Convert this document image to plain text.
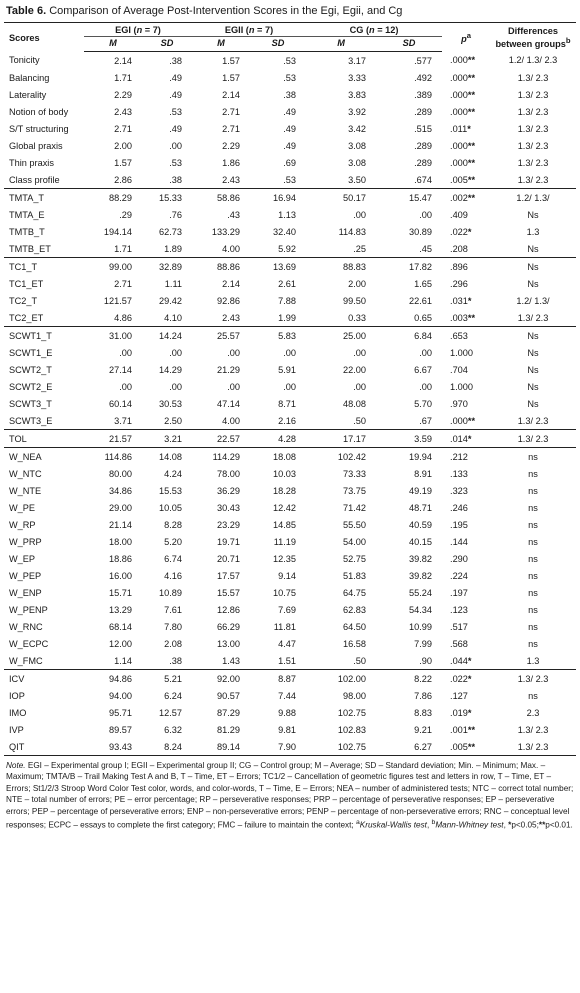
Table 6. Comparison of Average Post-Intervention Scores in the Egi, Egii, and Cg
Scores	EGI (n = 7)		EGII (n = 7)		CG (n = 12)		$p^a$	Differences between groups$^b$
	M	SD	M	SD	M	SD		
Tonicity	2.14	.38	1.57	.53	3.17	.577	.000**	1.2/ 1.3/ 2.3
Balancing	1.71	.49	1.57	.53	3.33	.492	.000**	1.3/ 2.3
Laterality	2.29	.49	2.14	.38	3.83	.389	.000**	1.3/ 2.3
Notion of body	2.43	.53	2.71	.49	3.92	.289	.000**	1.3/ 2.3
S/T structuring	2.71	.49	2.71	.49	3.42	.515	.011*	1.3/ 2.3
Global praxis	2.00	.00	2.29	.49	3.08	.289	.000**	1.3/ 2.3
Thin praxis	1.57	.53	1.86	.69	3.08	.289	.000**	1.3/ 2.3
Class profile	2.86	.38	2.43	.53	3.50	.674	.005**	1.3/ 2.3
TMTA_T	88.29	15.33	58.86	16.94	50.17	15.47	.002**	1.2/ 1.3/
TMTA_E	.29	.76	.43	1.13	.00	.00	.409	Ns
TMTB_T	194.14	62.73	133.29	32.40	114.83	30.89	.022*	1.3
TMTB_ET	1.71	1.89	4.00	5.92	.25	.45	.208	Ns
TC1_T	99.00	32.89	88.86	13.69	88.83	17.82	.896	Ns
TC1_ET	2.71	1.11	2.14	2.61	2.00	1.65	.296	Ns
TC2_T	121.57	29.42	92.86	7.88	99.50	22.61	.031*	1.2/ 1.3/
TC2_ET	4.86	4.10	2.43	1.99	0.33	0.65	.003**	1.3/ 2.3
SCWT1_T	31.00	14.24	25.57	5.83	25.00	6.84	.653	Ns
SCWT1_E	.00	.00	.00	.00	.00	.00	1.000	Ns
SCWT2_T	27.14	14.29	21.29	5.91	22.00	6.67	.704	Ns
SCWT2_E	.00	.00	.00	.00	.00	.00	1.000	Ns
SCWT3_T	60.14	30.53	47.14	8.71	48.08	5.70	.970	Ns
SCWT3_E	3.71	2.50	4.00	2.16	.50	.67	.000**	1.3/ 2.3
TOL	21.57	3.21	22.57	4.28	17.17	3.59	.014*	1.3/ 2.3
W_NEA	114.86	14.08	114.29	18.08	102.42	19.94	.212	ns
W_NTC	80.00	4.24	78.00	10.03	73.33	8.91	.133	ns
W_NTE	34.86	15.53	36.29	18.28	73.75	49.19	.323	ns
W_PE	29.00	10.05	30.43	12.42	71.42	48.71	.246	ns
W_RP	21.14	8.28	23.29	14.85	55.50	40.59	.195	ns
W_PRP	18.00	5.20	19.71	11.19	54.00	40.15	.144	ns
W_EP	18.86	6.74	20.71	12.35	52.75	39.82	.290	ns
W_PEP	16.00	4.16	17.57	9.14	51.83	39.82	.224	ns
W_ENP	15.71	10.89	15.57	10.75	64.75	55.24	.197	ns
W_PENP	13.29	7.61	12.86	7.69	62.83	54.34	.123	ns
W_RNC	68.14	7.80	66.29	11.81	64.50	10.99	.517	ns
W_ECPC	12.00	2.08	13.00	4.47	16.58	7.99	.568	ns
W_FMC	1.14	.38	1.43	1.51	.50	.90	.044*	1.3
ICV	94.86	5.21	92.00	8.87	102.00	8.22	.022*	1.3/ 2.3
IOP	94.00	6.24	90.57	7.44	98.00	7.86	.127	ns
IMO	95.71	12.57	87.29	9.88	102.75	8.83	.019*	2.3
IVP	89.57	6.32	81.29	9.81	102.83	9.21	.001**	1.3/ 2.3
QIT	93.43	8.24	89.14	7.90	102.75	6.27	.005**	1.3/ 2.3
Note. EGI – Experimental group I; EGII – Experimental group II; CG – Control group; M – Average; SD – Standard deviation; Min. – Minimum; Max. – Maximum; TMTA/B – Trail Making Test A and B, T – Time, ET – Errors; TC1/2 – Cancellation of geometric figures test and letters in row, T – Time, ET – Errors; St1/2/3 Stroop Word Color Test color, words, and color-words, T – Time, E – Errors; NEA – number of administered tests; NTC – correct total number; NTE – total number of errors; PE – error percentage; RP – perseverative responses; PRP – percentage of perseverative responses; EP – perseverative errors; PEP – percentage of perseverative errors; ENP – non-perseverative errors; PENP – percentage of non-perseverative errors; RNC – conceptual level responses; ECPC – essays to complete the first category; FMC – failure to maintain the context; $^a$Kruskal-Wallis test, $^b$Mann-Whitney test, *p<0.05;**p<0.01.
